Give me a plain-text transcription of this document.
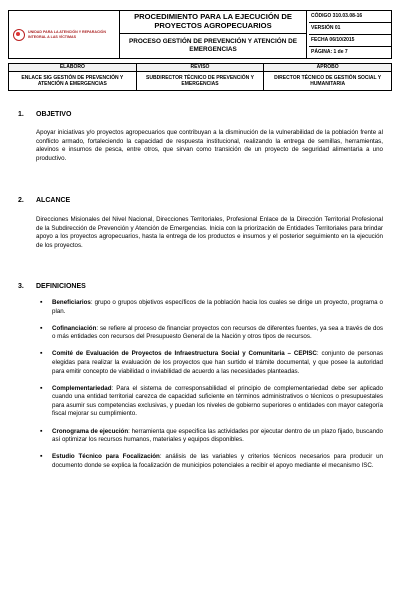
UNIDAD PARA LA ATENCIÓN Y REPARACIÓN INTEGRAL A LAS VÍCTIMAS
	PROCEDIMIENTO PARA LA EJECUCIÓN DE PROYECTOS AGROPECUARIOS	
CÓDIGO 310.03.08-16
VERSIÓN 01
FECHA 06/10/2015
PÁGINA: 1 de 7

PROCESO GESTIÓN DE PREVENCIÓN Y ATENCIÓN DE EMERGENCIAS
ELABORÓ	REVISÓ	APROBÓ
ENLACE SIG GESTIÓN DE PREVENCIÓN Y ATENCIÓN A EMERGENCIAS	SUBDIRECTOR TÉCNICO DE PREVENCIÓN Y EMERGENCIAS	DIRECTOR TÉCNICO DE GESTIÓN SOCIAL Y HUMANITARIA
1. OBJETIVO
Apoyar iniciativas y/o proyectos agropecuarios que contribuyan a la disminución de la vulnerabilidad de la población frente al conflicto armado, fortaleciendo la capacidad de respuesta institucional, realizando la entrega de semillas, herramientas, alevinos e insumos de pesca, entre otros, que sirvan como transición de un proyecto de seguridad alimentaria a uno productivo.
2. ALCANCE
Direcciones Misionales del Nivel Nacional, Direcciones Territoriales, Profesional Enlace de la Dirección Territorial Profesional de la Subdirección de Prevención y Atención de Emergencias. Inicia con la priorización de Entidades Territoriales para brindar apoyo a los proyectos agropecuarios, hasta la entrega de los productos e insumos y el posterior seguimiento en la ejecución de los proyectos.
3. DEFINICIONES
▪ Beneficiarios: grupo o grupos objetivos específicos de la población hacia los cuales se dirige un proyecto, programa o plan.
▪ Cofinanciación: se refiere al proceso de financiar proyectos con recursos de diferentes fuentes, ya sea a través de dos o más entidades con recursos del Presupuesto General de la Nación y otros tipos de recursos.
▪ Comité de Evaluación de Proyectos de Infraestructura Social y Comunitaria – CEPISC: conjunto de personas elegidas para realizar la evaluación de los proyectos que han surtido el trámite documental, y que posee la autoridad para emitir concepto de viabilidad o inviabilidad de acuerdo a las necesidades planteadas.
▪ Complementariedad: Para el sistema de corresponsabilidad el principio de complementariedad debe ser aplicado cuando una entidad territorial carezca de capacidad suficiente en términos administrativos o técnicos o presupuestales para asumir sus competencias exclusivas, y puedan los niveles de gobierno superiores o entidades con mayor categoría fiscal mejorar su cumplimiento.
▪ Cronograma de ejecución: herramienta que especifica las actividades por ejecutar dentro de un plazo fijado, buscando así optimizar los recursos humanos, materiales y equipos disponibles.
▪ Estudio Técnico para Focalización: análisis de las variables y criterios técnicos necesarios para producir un documento donde se explica la focalización de municipios potenciales a recibir el apoyo mediante el mecanismo ISC.
